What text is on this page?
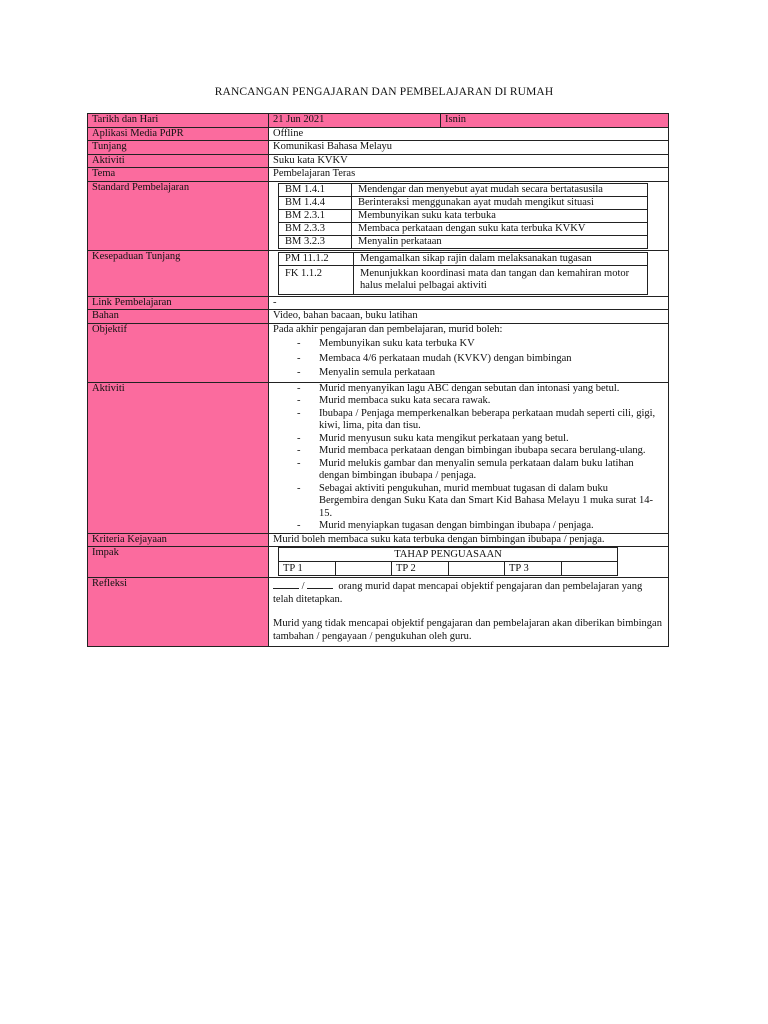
RANCANGAN PENGAJARAN DAN PEMBELAJARAN DI RUMAH
Tarikh dan Hari		21 Jun 2021	Isnin

Aplikasi Media PdPR	Offline
Tunjang	Komunikasi Bahasa Melayu
Aktiviti	Suku kata KVKV
Tema	Pembelajaran Teras
Standard Pembelajaran		BM 1.4.1	Mendengar dan menyebut ayat mudah secara bertatasusila
BM 1.4.4	Berinteraksi menggunakan ayat mudah mengikut situasi
BM 2.3.1	Membunyikan suku kata terbuka
BM 2.3.3	Membaca perkataan dengan suku kata terbuka KVKV
BM 3.2.3	Menyalin perkataan

Kesepaduan Tunjang		PM 11.1.2	Mengamalkan sikap rajin dalam melaksanakan tugasan
FK 1.1.2	Menunjukkan koordinasi mata dan tangan dan kemahiran motor halus melalui pelbagai aktiviti

Link Pembelajaran	-
Bahan	Video, bahan bacaan, buku latihan
Objektif	Pada akhir pengajaran dan pembelajaran, murid boleh:
- Membunyikan suku kata terbuka KV
- Membaca 4/6 perkataan mudah (KVKV) dengan bimbingan
- Menyalin semula perkataan

Aktiviti	
-Murid menyanyikan lagu ABC dengan sebutan dan intonasi yang betul.
- Murid membaca suku kata secara rawak.
- Ibubapa / Penjaga memperkenalkan beberapa perkataan mudah seperti cili, gigi, kiwi, lima, pita dan tisu.
- Murid menyusun suku kata mengikut perkataan yang betul.
- Murid membaca perkataan dengan bimbingan ibubapa secara berulang-ulang.
- Murid melukis gambar dan menyalin semula perkataan dalam buku latihan dengan bimbingan ibubapa / penjaga.
- Sebagai aktiviti pengukuhan, murid membuat tugasan di dalam buku Bergembira dengan Suku Kata dan Smart Kid Bahasa Melayu 1 muka surat 14-15.
- Murid menyiapkan tugasan dengan bimbingan ibubapa / penjaga.

Kriteria Kejayaan	Murid boleh membaca suku kata terbuka dengan bimbingan ibubapa / penjaga.
Impak		TAHAP PENGUASAAN
TP 1		TP 2		TP 3	

Refleksi	/	orang murid dapat mencapai objektif pengajaran dan pembelajaran yang telah ditetapkan.

Murid yang tidak mencapai objektif pengajaran dan pembelajaran akan diberikan bimbingan tambahan / pengayaan / pengukuhan oleh guru.
